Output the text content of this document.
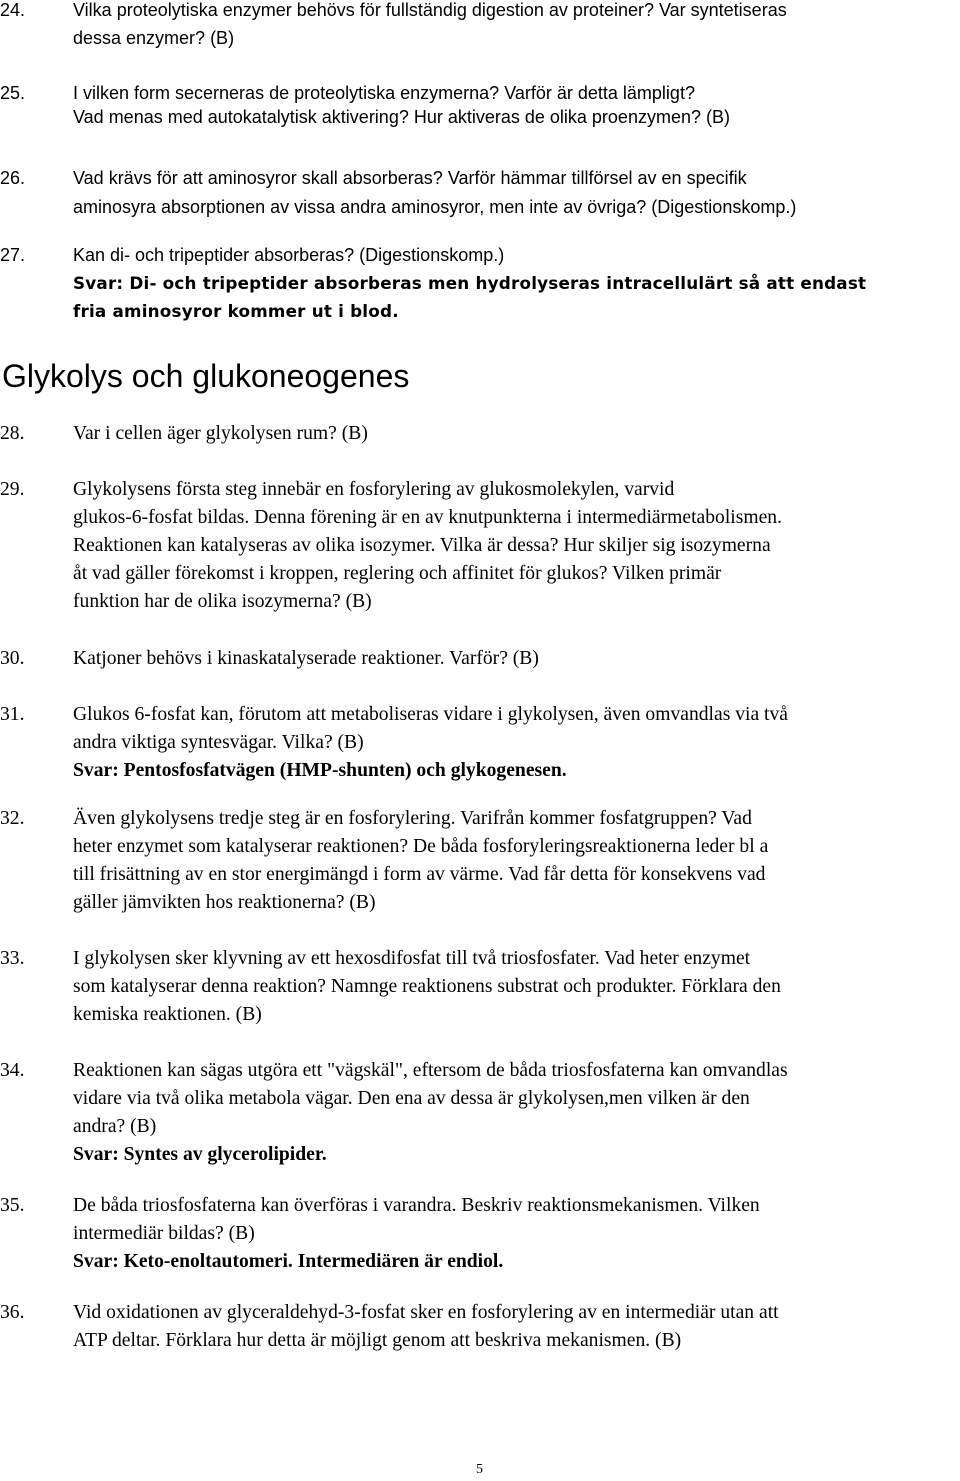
24.	Vilka proteolytiska enzymer behövs för fullständig digestion av proteiner? Var syntetiseras
dessa enzymer? (B)
25.	I vilken form secerneras de proteolytiska enzymerna? Varför är detta lämpligt?
Vad menas med autokatalytisk aktivering? Hur aktiveras de olika proenzymen? (B)
26.	Vad krävs för att aminosyror skall absorberas? Varför hämmar tillförsel av en specifik
aminosyra absorptionen av vissa andra aminosyror, men inte av övriga? (Digestionskomp.)
27.	Kan di- och tripeptider absorberas? (Digestionskomp.)
Svar: Di- och tripeptider absorberas men hydrolyseras intracellulärt så att endast
fria aminosyror kommer ut i blod.
Glykolys och glukoneogenes
28. Var i cellen äger glykolysen rum? (B)
29. Glykolysens första steg innebär en fosforylering av glukosmolekylen, varvid
glukos-6-fosfat bildas. Denna förening är en av knutpunkterna i intermediärmetabolismen.
Reaktionen kan katalyseras av olika isozymer. Vilka är dessa? Hur skiljer sig isozymerna
åt vad gäller förekomst i kroppen, reglering och affinitet för glukos? Vilken primär
funktion har de olika isozymerna? (B)
30. Katjoner behövs i kinaskatalyserade reaktioner. Varför? (B)
31. Glukos 6-fosfat kan, förutom att metaboliseras vidare i glykolysen, även omvandlas via två
andra viktiga syntesvägar. Vilka? (B)
Svar: Pentosfosfatvägen (HMP-shunten) och glykogenesen.
32. Även glykolysens tredje steg är en fosforylering. Varifrån kommer fosfatgruppen? Vad
heter enzymet som katalyserar reaktionen? De båda fosforyleringsreaktionerna leder bl a
till frisättning av en stor energimängd i form av värme. Vad får detta för konsekvens vad
gäller jämvikten hos reaktionerna? (B)
33. I glykolysen sker klyvning av ett hexosdifosfat till två triosfosfater. Vad heter enzymet
som katalyserar denna reaktion? Namnge reaktionens substrat och produkter. Förklara den
kemiska reaktionen. (B)
34. Reaktionen kan sägas utgöra ett "vägskäl", eftersom de båda triosfosfaterna kan omvandlas
vidare via två olika metabola vägar. Den ena av dessa är glykolysen,men vilken är den
andra? (B)
Svar: Syntes av glycerolipider.
35. De båda triosfosfaterna kan överföras i varandra. Beskriv reaktionsmekanismen. Vilken
intermediär bildas? (B)
Svar: Keto-enoltautomeri. Intermediären är endiol.
36. Vid oxidationen av glyceraldehyd-3-fosfat sker en fosforylering av en intermediär utan att
ATP deltar. Förklara hur detta är möjligt genom att beskriva mekanismen. (B)
5
